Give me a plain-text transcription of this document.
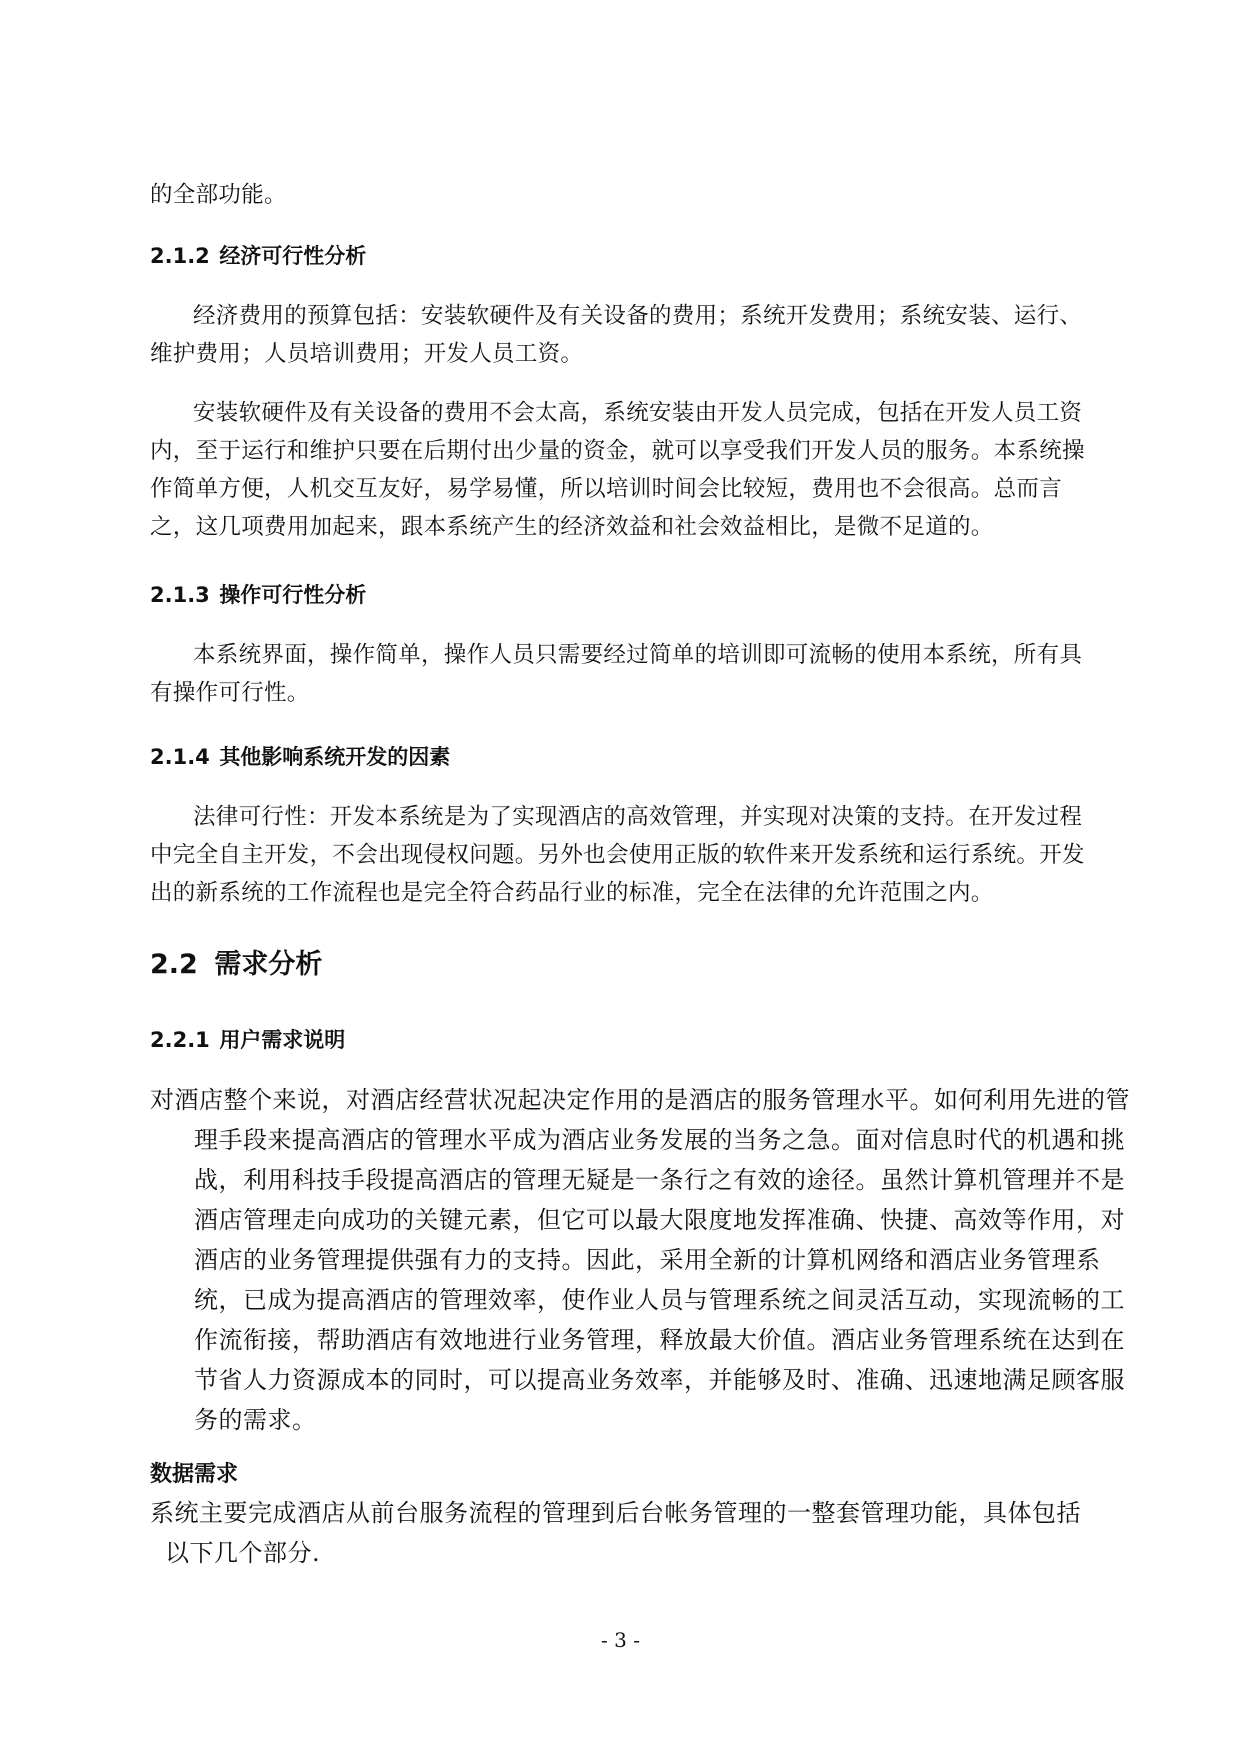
的全部功能。

2.1.2 经济可行性分析

经济费用的预算包括：安装软硬件及有关设备的费用；系统开发费用；系统安装、运行、维护费用；人员培训费用；开发人员工资。

安装软硬件及有关设备的费用不会太高，系统安装由开发人员完成，包括在开发人员工资内，至于运行和维护只要在后期付出少量的资金，就可以享受我们开发人员的服务。本系统操作简单方便，人机交互友好，易学易懂，所以培训时间会比较短，费用也不会很高。总而言之，这几项费用加起来，跟本系统产生的经济效益和社会效益相比，是微不足道的。

2.1.3 操作可行性分析

本系统界面，操作简单，操作人员只需要经过简单的培训即可流畅的使用本系统，所有具有操作可行性。

2.1.4 其他影响系统开发的因素

法律可行性：开发本系统是为了实现酒店的高效管理，并实现对决策的支持。在开发过程中完全自主开发，不会出现侵权问题。另外也会使用正版的软件来开发系统和运行系统。开发出的新系统的工作流程也是完全符合药品行业的标准，完全在法律的允许范围之内。

2.2 需求分析
2.2.1 用户需求说明

对酒店整个来说，对酒店经营状况起决定作用的是酒店的服务管理水平。如何利用先进的管理手段来提高酒店的管理水平成为酒店业务发展的当务之急。面对信息时代的机遇和挑战，利用科技手段提高酒店的管理无疑是一条行之有效的途径。虽然计算机管理并不是酒店管理走向成功的关键元素，但它可以最大限度地发挥准确、快捷、高效等作用，对酒店的业务管理提供强有力的支持。因此，采用全新的计算机网络和酒店业务管理系统，已成为提高酒店的管理效率，使作业人员与管理系统之间灵活互动，实现流畅的工作流衔接，帮助酒店有效地进行业务管理，释放最大价值。酒店业务管理系统在达到在节省人力资源成本的同时，可以提高业务效率，并能够及时、准确、迅速地满足顾客服务的需求。

数据需求

系统主要完成酒店从前台服务流程的管理到后台帐务管理的一整套管理功能，具体包括以下几个部分.

- 3 -
